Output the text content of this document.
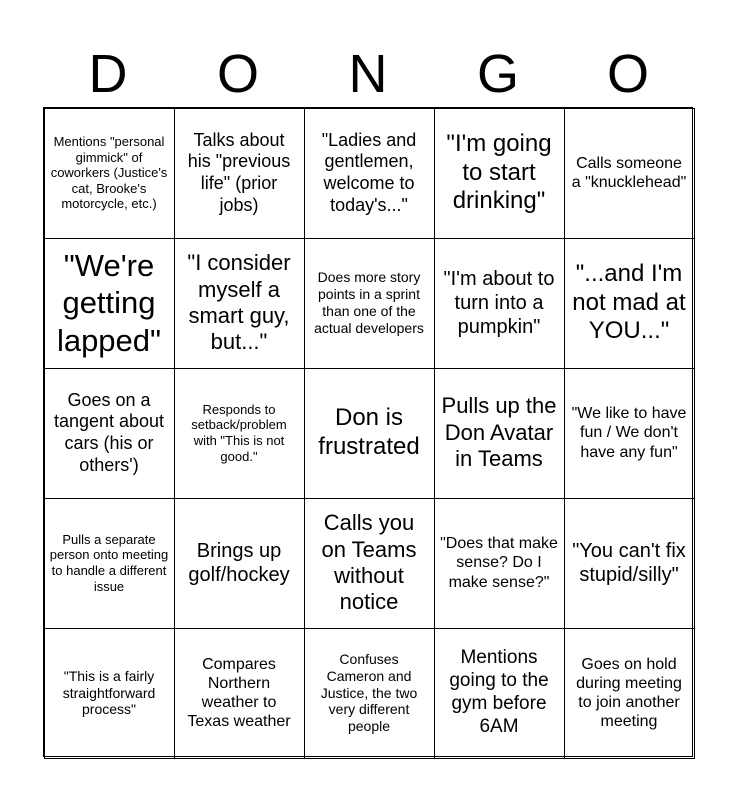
D	O	N	G	O
Mentions "personal gimmick" of coworkers (Justice's cat, Brooke's motorcycle, etc.)
Talks about his "previous life" (prior jobs)
"Ladies and gentlemen, welcome to today's..."
"I'm going to start drinking"
Calls someone a "knucklehead"
"We're getting lapped"
"I consider myself a smart guy, but..."
Does more story points in a sprint than one of the actual developers
"I'm about to turn into a pumpkin"
"...and I'm not mad at YOU..."
Goes on a tangent about cars (his or others')
Responds to setback/problem with "This is not good."
Don is frustrated
Pulls up the Don Avatar in Teams
"We like to have fun / We don't have any fun"
Pulls a separate person onto meeting to handle a different issue
Brings up golf/hockey
Calls you on Teams without notice
"Does that make sense? Do I make sense?"
"You can't fix stupid/silly"
"This is a fairly straightforward process"
Compares Northern weather to Texas weather
Confuses Cameron and Justice, the two very different people
Mentions going to the gym before 6AM
Goes on hold during meeting to join another meeting
